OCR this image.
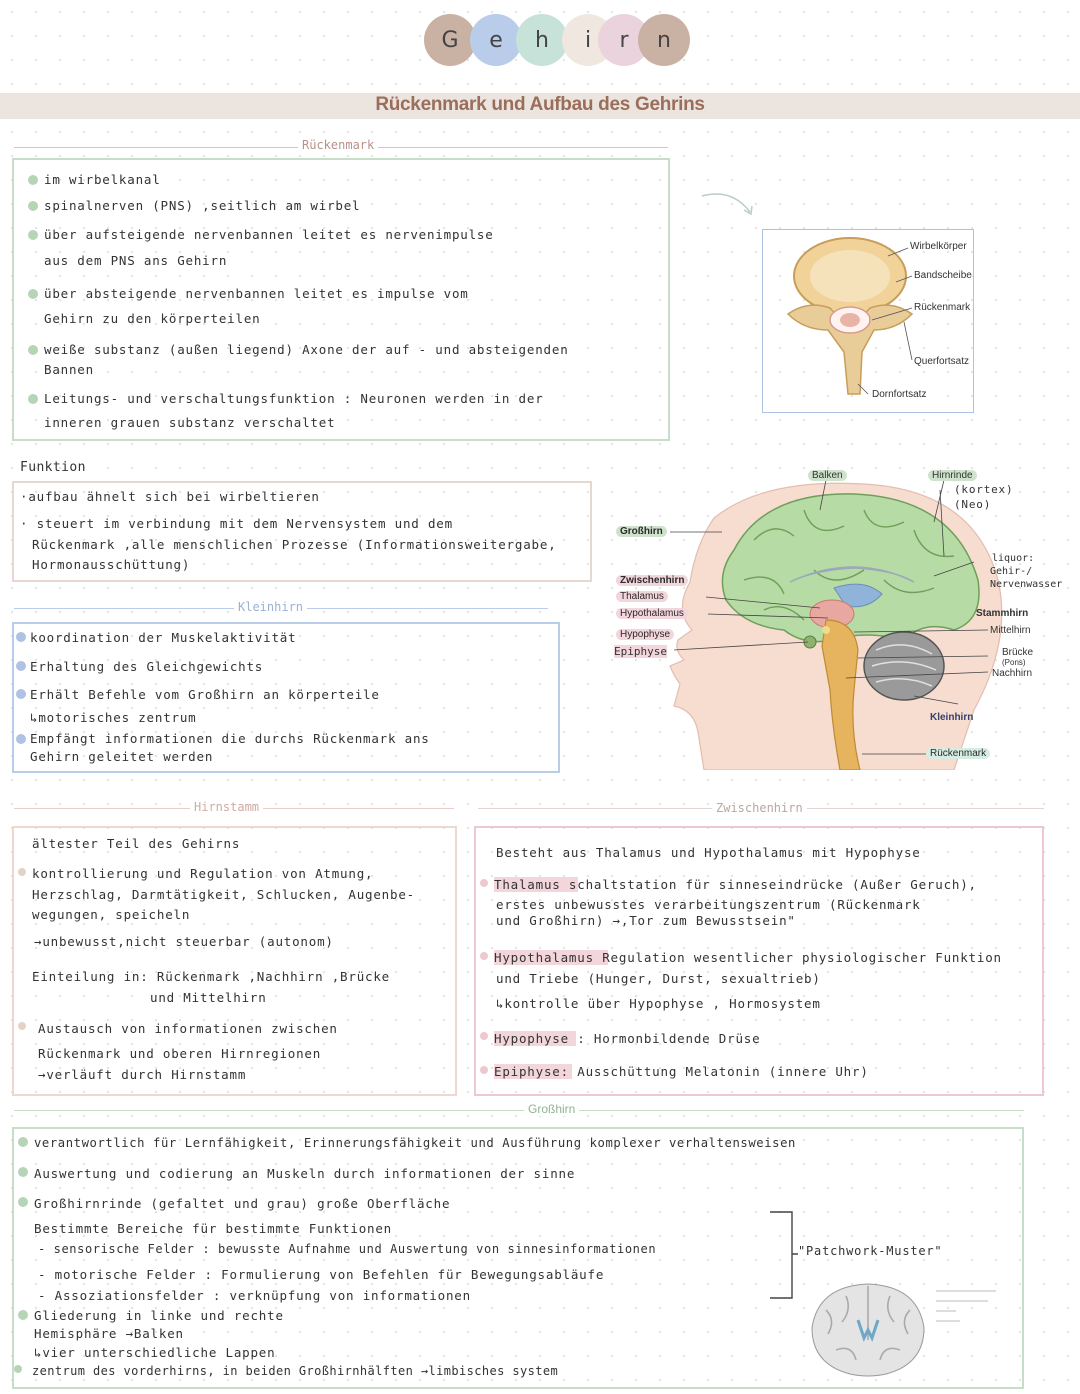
G e h i r n
Rückenmark und Aufbau des Gehrins
Rückenmark
im wirbelkanal
spinalnerven (PNS) ,seitlich am wirbel
über aufsteigende nervenbannen leitet es nervenimpulse
aus dem PNS ans Gehirn
über absteigende nervenbannen leitet es impulse vom
Gehirn zu den körperteilen
weiße substanz (außen liegend) Axone der auf - und absteigenden
Bannen
Leitungs- und verschaltungsfunktion : Neuronen werden in der
inneren grauen substanz verschaltet
Wirbelkörper
Bandscheibe
Rückenmark
Querfortsatz
Dornfortsatz
Funktion
·aufbau ähnelt sich bei wirbeltieren
· steuert im verbindung mit dem Nervensystem und dem
Rückenmark ,alle menschlichen Prozesse (Informationsweitergabe,
Hormonausschüttung)
Kleinhirn
koordination der Muskelaktivität
Erhaltung des Gleichgewichts
Erhält Befehle vom Großhirn an körperteile
↳motorisches zentrum
Empfängt informationen die durchs Rückenmark ans
Gehirn geleitet werden
Balken	Hirnrinde
(kortex)
(Neo)
Großhirn
liquor:
Gehir-/
Nervenwasser
Zwischenhirn
Thalamus
Hypothalamus
Hypophyse
Epiphyse
Stammhirn
Mittelhirn
Brücke
(Pons)
Nachhirn
Kleinhirn
Rückenmark
Hirnstamm
ältester Teil des Gehirns
kontrollierung und Regulation von Atmung,
Herzschlag, Darmtätigkeit, Schlucken, Augenbe-
wegungen, speicheln
→unbewusst,nicht steuerbar (autonom)
Einteilung in: Rückenmark ,Nachhirn ,Brücke
und Mittelhirn
Austausch von informationen zwischen
Rückenmark und oberen Hirnregionen
→verläuft durch Hirnstamm
Zwischenhirn
Besteht aus Thalamus und Hypothalamus mit Hypophyse
Thalamus schaltstation für sinneseindrücke (Außer Geruch),
erstes unbewusstes verarbeitungszentrum (Rückenmark
und Großhirn) →,Tor zum Bewusstsein"
Hypothalamus Regulation wesentlicher physiologischer Funktion
und Triebe (Hunger, Durst, sexualtrieb)
↳kontrolle über Hypophyse , Hormosystem
Hypophyse : Hormonbildende Drüse
Epiphyse: Ausschüttung Melatonin (innere Uhr)
Großhirn
verantwortlich für Lernfähigkeit, Erinnerungsfähigkeit und Ausführung komplexer verhaltensweisen
Auswertung und codierung an Muskeln durch informationen der sinne
Großhirnrinde (gefaltet und grau) große Oberfläche
Bestimmte Bereiche für bestimmte Funktionen
- sensorische Felder : bewusste Aufnahme und Auswertung von sinnesinformationen
- motorische Felder : Formulierung von Befehlen für Bewegungsabläufe
- Assoziationsfelder : verknüpfung von informationen
Gliederung in linke und rechte
Hemisphäre →Balken
↳vier unterschiedliche Lappen
zentrum des vorderhirns, in beiden Großhirnhälften →limbisches system
"Patchwork-Muster"
